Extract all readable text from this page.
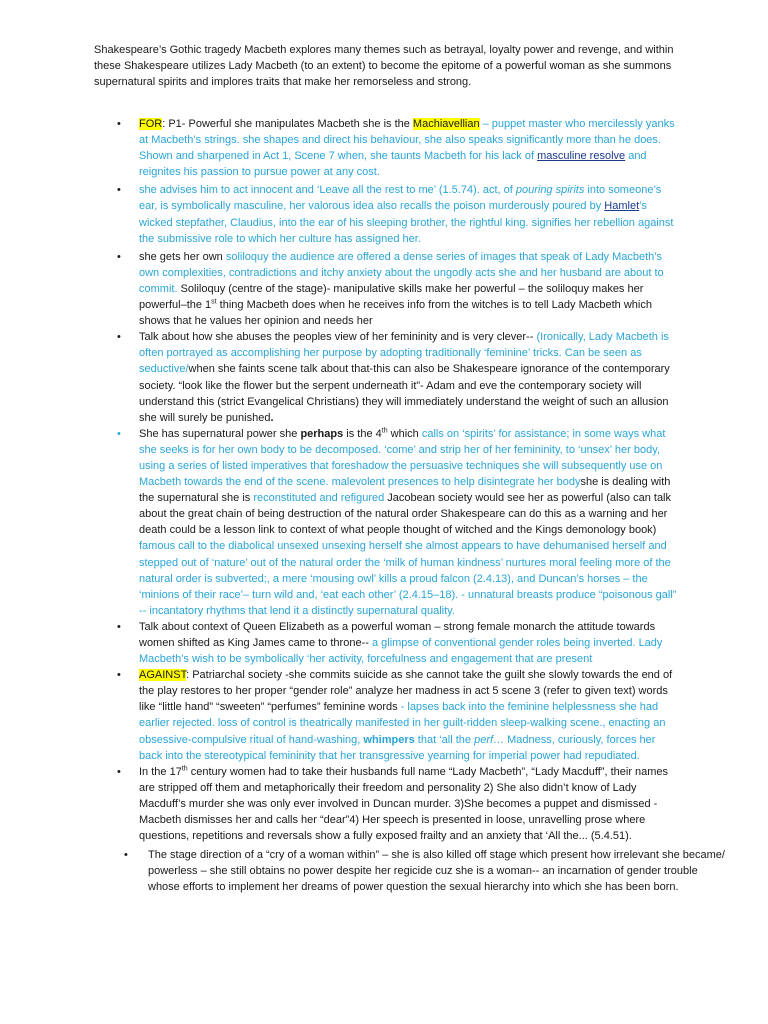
Shakespeare’s Gothic tragedy Macbeth explores many themes such as betrayal, loyalty power and revenge, and within these Shakespeare utilizes Lady Macbeth (to an extent) to become the epitome of a powerful woman as she summons supernatural spirits and implores traits that make her remorseless and strong.

• FOR: P1- Powerful she manipulates Macbeth she is the Machiavellian – puppet master who mercilessly yanks at Macbeth’s strings. she shapes and direct his behaviour, she also speaks significantly more than he does. Shown and sharpened in Act 1, Scene 7 when, she taunts Macbeth for his lack of masculine resolve and reignites his passion to pursue power at any cost.
• she advises him to act innocent and ‘Leave all the rest to me’ (1.5.74). act, of pouring spirits into someone’s ear, is symbolically masculine, her valorous idea also recalls the poison murderously poured by Hamlet’s wicked stepfather, Claudius, into the ear of his sleeping brother, the rightful king. signifies her rebellion against the submissive role to which her culture has assigned her.
• she gets her own soliloquy the audience are offered a dense series of images that speak of Lady Macbeth’s own complexities, contradictions and itchy anxiety about the ungodly acts she and her husband are about to commit. Soliloquy (centre of the stage)- manipulative skills make her powerful – the soliloquy makes her powerful–the 1st thing Macbeth does when he receives info from the witches is to tell Lady Macbeth which shows that he values her opinion and needs her
• Talk about how she abuses the peoples view of her femininity and is very clever-- (Ironically, Lady Macbeth is often portrayed as accomplishing her purpose by adopting traditionally ‘feminine’ tricks. Can be seen as seductive/when she faints scene talk about that-this can also be Shakespeare ignorance of the contemporary society. “look like the flower but the serpent underneath it”- Adam and eve the contemporary society will understand this (strict Evangelical Christians) they will immediately understand the weight of such an allusion she will surely be punished.
• She has supernatural power she perhaps is the 4th which calls on ‘spirits’ for assistance; in some ways what she seeks is for her own body to be decomposed. ‘come’ and strip her of her femininity, to ‘unsex’ her body, using a series of listed imperatives that foreshadow the persuasive techniques she will subsequently use on Macbeth towards the end of the scene. malevolent presences to help disintegrate her bodyshe is dealing with the supernatural she is reconstituted and refigured Jacobean society would see her as powerful (also can talk about the great chain of being destruction of the natural order Shakespeare can do this as a warning and her death could be a lesson link to context of what people thought of witched and the Kings demonology book) famous call to the diabolical unsexed unsexing herself she almost appears to have dehumanised herself and stepped out of ‘nature’ out of the natural order the ‘milk of human kindness’ nurtures moral feeling more of the natural order is subverted;, a mere ‘mousing owl’ kills a proud falcon (2.4.13), and Duncan’s horses – the ‘minions of their race’– turn wild and, ‘eat each other’ (2.4.15–18). - unnatural breasts produce “poisonous gall” -- incantatory rhythms that lend it a distinctly supernatural quality.
• Talk about context of Queen Elizabeth as a powerful woman – strong female monarch the attitude towards women shifted as King James came to throne-- a glimpse of conventional gender roles being inverted. Lady Macbeth’s wish to be symbolically ‘her activity, forcefulness and engagement that are present
• AGAINST: Patriarchal society -she commits suicide as she cannot take the guilt she slowly towards the end of the play restores to her proper “gender role” analyze her madness in act 5 scene 3 (refer to given text) words like “little hand” “sweeten” “perfumes” feminine words - lapses back into the feminine helplessness she had earlier rejected. loss of control is theatrically manifested in her guilt-ridden sleep-walking scene., enacting an obsessive-compulsive ritual of hand-washing, whimpers that ‘all the perf… Madness, curiously, forces her back into the stereotypical femininity that her transgressive yearning for imperial power had repudiated.
• In the 17th century women had to take their husbands full name “Lady Macbeth”, “Lady Macduff”, their names are stripped off them and metaphorically their freedom and personality 2) She also didn’t know of Lady Macduff’s murder she was only ever involved in Duncan murder. 3)She becomes a puppet and dismissed - Macbeth dismisses her and calls her “dear”4) Her speech is presented in loose, unravelling prose where questions, repetitions and reversals show a fully exposed frailty and an anxiety that ‘All the... (5.4.51).
• The stage direction of a “cry of a woman within” – she is also killed off stage which present how irrelevant she became/ powerless – she still obtains no power despite her regicide cuz she is a woman-- an incarnation of gender trouble whose efforts to implement her dreams of power question the sexual hierarchy into which she has been born.
